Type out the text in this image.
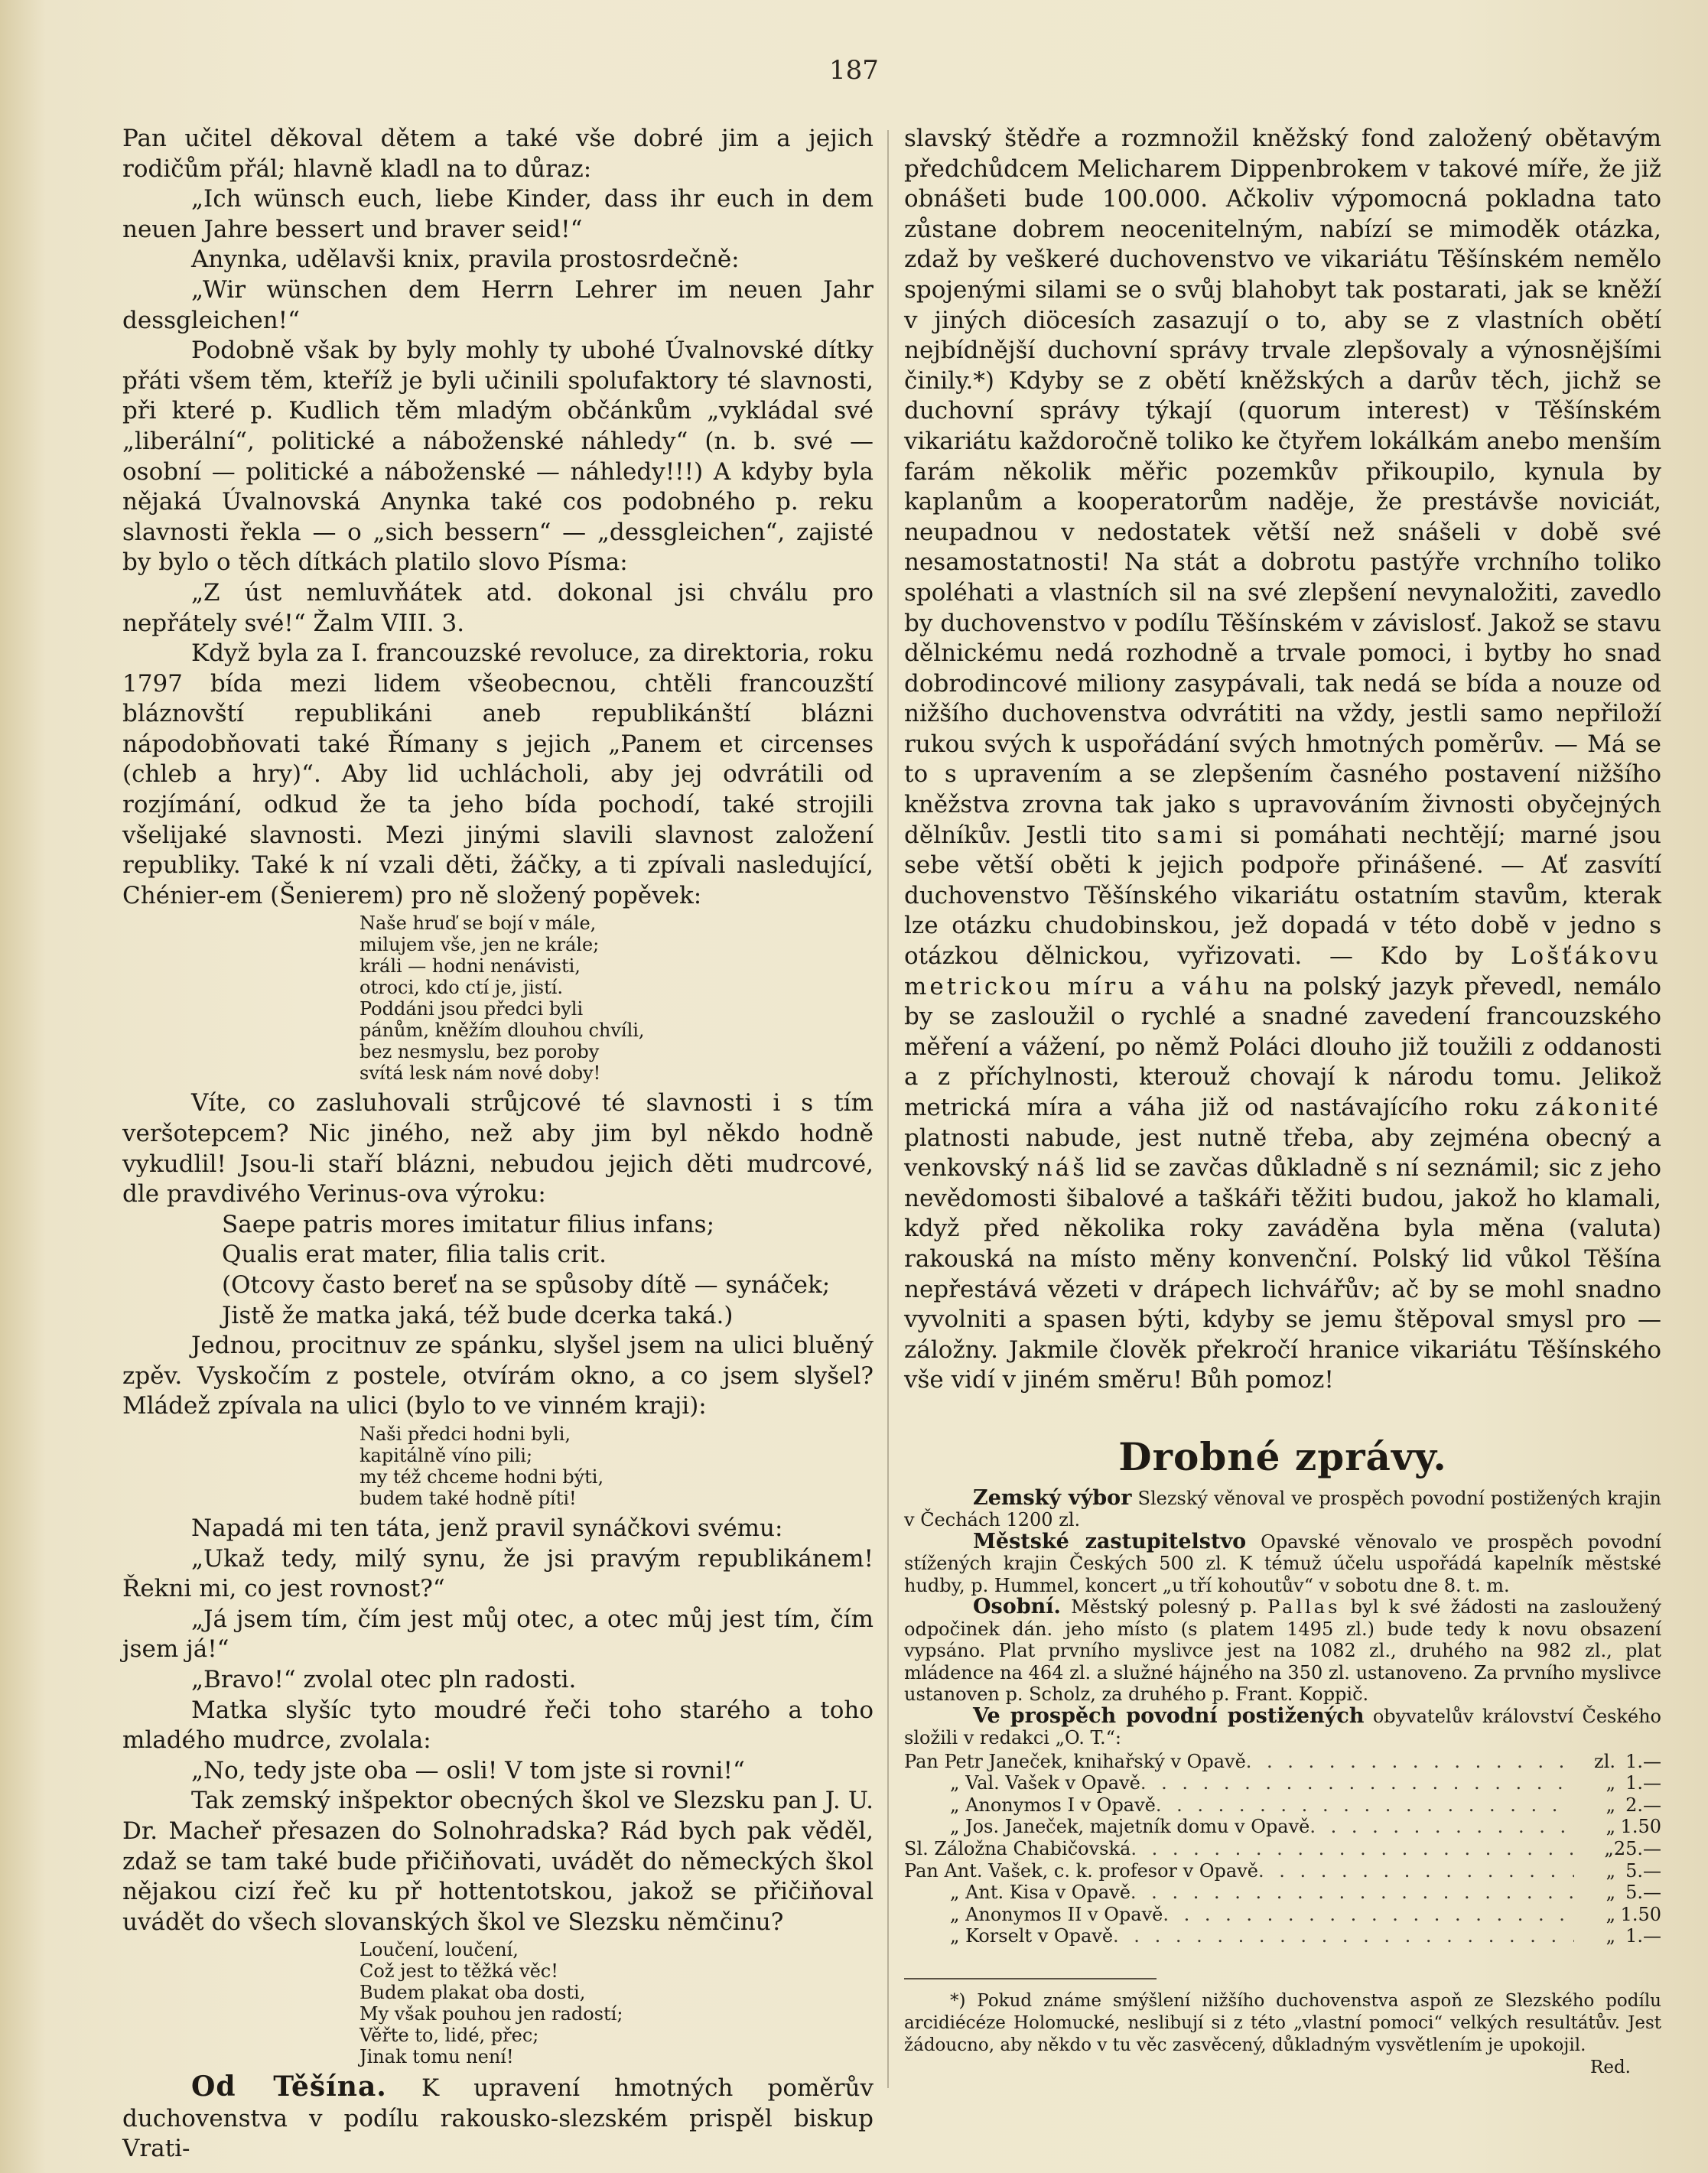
187

Pan učitel děkoval dětem a také vše dobré jim a jejich rodičům přál; hlavně kladl na to důraz:

„Ich wünsch euch, liebe Kinder, dass ihr euch in dem neuen Jahre bessert und braver seid!“

Anynka, udělavši knix, pravila prostosrdečně:

„Wir wünschen dem Herrn Lehrer im neuen Jahr dessgleichen!“

Podobně však by byly mohly ty ubohé Úvalnovské dítky přáti všem těm, kteříž je byli učinili spolufaktory té slavnosti, při které p. Kudlich těm mladým občánkům „vykládal své „liberální“, politické a náboženské náhledy“ (n. b. své — osobní — politické a náboženské — náhledy!!!) A kdyby byla nějaká Úvalnovská Anynka také cos podobného p. reku slavnosti řekla — o „sich bessern“ — „dessgleichen“, zajisté by bylo o těch dítkách platilo slovo Písma:

„Z úst nemluvňátek atd. dokonal jsi chválu pro nepřátely své!“ Žalm VIII. 3.

Když byla za I. francouzské revoluce, za direktoria, roku 1797 bída mezi lidem všeobecnou, chtěli francouzští bláznovští republikáni aneb republikánští blázni nápodobňovati také Římany s jejich „Panem et circenses (chleb a hry)“. Aby lid uchlácholi, aby jej odvrátili od rozjímání, odkud že ta jeho bída pochodí, také strojili všelijaké slavnosti. Mezi jinými slavili slavnost založení republiky. Také k ní vzali děti, žáčky, a ti zpívali nasledující, Chénier-em (Šenierem) pro ně složený popěvek:

Naše hruď se bojí v mále,
milujem vše, jen ne krále;
králi — hodni nenávisti,
otroci, kdo ctí je, jistí.
Poddáni jsou předci byli
pánům, kněžím dlouhou chvíli,
bez nesmyslu, bez poroby
svítá lesk nám nové doby!

Víte, co zasluhovali strůjcové té slavnosti i s tím veršotepcem? Nic jiného, než aby jim byl někdo hodně vykudlil! Jsou-li staří blázni, nebudou jejich děti mudrcové, dle pravdivého Verinus-ova výroku:

Saepe patris mores imitatur filius infans;
Qualis erat mater, filia talis crit.
(Otcovy často bereť na se spůsoby dítě — synáček;
Jistě že matka jaká, též bude dcerka taká.)

Jednou, procitnuv ze spánku, slyšel jsem na ulici bluěný zpěv. Vyskočím z postele, otvírám okno, a co jsem slyšel? Mládež zpívala na ulici (bylo to ve vinném kraji):

Naši předci hodni byli,
kapitálně víno pili;
my též chceme hodni býti,
budem také hodně píti!

Napadá mi ten táta, jenž pravil synáčkovi svému:

„Ukaž tedy, milý synu, že jsi pravým republikánem! Řekni mi, co jest rovnost?“

„Já jsem tím, čím jest můj otec, a otec můj jest tím, čím jsem já!“

„Bravo!“ zvolal otec pln radosti.

Matka slyšíc tyto moudré řeči toho starého a toho mladého mudrce, zvolala:

„No, tedy jste oba — osli! V tom jste si rovni!“

Tak zemský inšpektor obecných škol ve Slezsku pan J. U. Dr. Macheř přesazen do Solnohradska? Rád bych pak věděl, zdaž se tam také bude přičiňovati, uvádět do německých škol nějakou cizí řeč ku př hottentotskou, jakož se přičiňoval uvádět do všech slovanských škol ve Slezsku němčinu?

Loučení, loučení,
Což jest to těžká věc!
Budem plakat oba dosti,
My však pouhou jen radostí;
Věřte to, lidé, přec;
Jinak tomu není!

Od Těšína. K upravení hmotných poměrův duchovenstva v podílu rakousko-slezském prispěl biskup Vrati-

slavský štědře a rozmnožil kněžský fond založený obětavým předchůdcem Melicharem Dippenbrokem v takové míře, že již obnášeti bude 100.000. Ačkoliv výpomocná pokladna tato zůstane dobrem neocenitelným, nabízí se mimoděk otázka, zdaž by veškeré duchovenstvo ve vikariátu Těšínském nemělo spojenými silami se o svůj blahobyt tak postarati, jak se kněží v jiných diöcesích zasazují o to, aby se z vlastních obětí nejbídnější duchovní správy trvale zlepšovaly a výnosnějšími činily.*) Kdyby se z obětí kněžských a darův těch, jichž se duchovní správy týkají (quorum interest) v Těšínském vikariátu každoročně toliko ke čtyřem lokálkám anebo menším farám několik měřic pozemkův přikoupilo, kynula by kaplanům a kooperatorům naděje, že prestávše noviciát, neupadnou v nedostatek větší než snášeli v době své nesamostatnosti! Na stát a dobrotu pastýře vrchního toliko spoléhati a vlastních sil na své zlepšení nevynaložiti, zavedlo by duchovenstvo v podílu Těšínském v závislosť. Jakož se stavu dělnickému nedá rozhodně a trvale pomoci, i bytby ho snad dobrodincové miliony zasypávali, tak nedá se bída a nouze od nižšího duchovenstva odvrátiti na vždy, jestli samo nepřiloží rukou svých k uspořádání svých hmotných poměrův. — Má se to s upravením a se zlepšením časného postavení nižšího kněžstva zrovna tak jako s upravováním živnosti obyčejných dělníkův. Jestli tito sami si pomáhati nechtějí; marné jsou sebe větší oběti k jejich podpoře přinášené. — Ať zasvítí duchovenstvo Těšínského vikariátu ostatním stavům, kterak lze otázku chudobinskou, jež dopadá v této době v jedno s otázkou dělnickou, vyřizovati. — Kdo by Lošťákovu metrickou míru a váhu na polský jazyk převedl, nemálo by se zasloužil o rychlé a snadné zavedení francouzského měření a vážení, po němž Poláci dlouho již toužili z oddanosti a z příchylnosti, kterouž chovají k národu tomu. Jelikož metrická míra a váha již od nastávajícího roku zákonité platnosti nabude, jest nutně třeba, aby zejména obecný a venkovský náš lid se zavčas důkladně s ní seznámil; sic z jeho nevědomosti šibalové a taškáři těžiti budou, jakož ho klamali, když před několika roky zaváděna byla měna (valuta) rakouská na místo měny konvenční. Polský lid vůkol Těšína nepřestává vězeti v drápech lichvářův; ač by se mohl snadno vyvolniti a spasen býti, kdyby se jemu štěpoval smysl pro — záložny. Jakmile člověk překročí hranice vikariátu Těšínského vše vidí v jiném směru! Bůh pomoz!

Drobné zprávy.

Zemský výbor Slezský věnoval ve prospěch povodní postižených krajin v Čechách 1200 zl.

Městské zastupitelstvo Opavské věnovalo ve prospěch povodní stížených krajin Českých 500 zl. K témuž účelu uspořádá kapelník městské hudby, p. Hummel, koncert „u tří kohoutův“ v sobotu dne 8. t. m.

Osobní. Městský polesný p. Pallas byl k své žádosti na zasloužený odpočinek dán. jeho místo (s platem 1495 zl.) bude tedy k novu obsazení vypsáno. Plat prvního myslivce jest na 1082 zl., druhého na 982 zl., plat mládence na 464 zl. a služné hájného na 350 zl. ustanoveno. Za prvního myslivce ustanoven p. Scholz, za druhého p. Frant. Koppič.

Ve prospěch povodní postižených obyvatelův království Českého složili v redakci „O. T.“:

Pan Petr Janeček, knihařský v Opavě . . .	zl. 1.—
„ Val. Vašek v Opavě . . .	„ 1.—
„ Anonymos I v Opavě . . .	„ 2.—
„ Jos. Janeček, majetník domu v Opavě . . .	„ 1.50
Sl. Záložna Chabičovská . . .	„ 25.—
Pan Ant. Vašek, c. k. profesor v Opavě . . .	„ 5.—
„ Ant. Kisa v Opavě . . .	„ 5.—
„ Anonymos II v Opavě . . .	„ 1.50
„ Korselt v Opavě . . .	„ 1.—
*) Pokud známe smýšlení nižšího duchovenstva aspoň ze Slezského podílu arcidiécéze Holomucké, neslibují si z této „vlastní pomoci“ velkých resultátův. Jest žádoucno, aby někdo v tu věc zasvěcený, důkladným vysvětlením je upokojil.
Red.
